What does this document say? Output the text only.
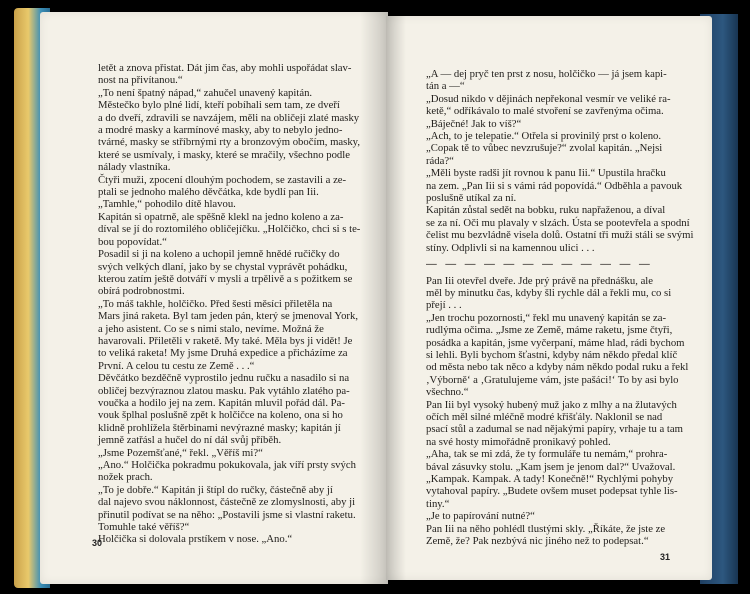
letět a znova přistat. Dát jim čas, aby mohli uspořádat slav-

nost na přivítanou.“

„To není špatný nápad,“ zahučel unavený kapitán.

Městečko bylo plné lidí, kteří pobíhali sem tam, ze dveří

a do dveří, zdravili se navzájem, měli na obličeji zlaté masky

a modré masky a karmínové masky, aby to nebylo jedno-

tvárné, masky se stříbrnými rty a bronzovým obočím, masky,

které se usmívaly, i masky, které se mračily, všechno podle

nálady vlastníka.

Čtyři muži, zpocení dlouhým pochodem, se zastavili a ze-

ptali se jednoho malého děvčátka, kde bydlí pan Iii.

„Tamhle,“ pohodilo dítě hlavou.

Kapitán si opatrně, ale spěšně klekl na jedno koleno a za-

díval se jí do roztomilého obličejíčku. „Holčičko, chci si s te-

bou popovídat.“

Posadil si ji na koleno a uchopil jemně hnědé ručičky do

svých velkých dlaní, jako by se chystal vyprávět pohádku,

kterou zatím ještě dotváří v mysli a trpělivě a s požitkem se

obírá podrobnostmi.

„To máš takhle, holčičko. Před šesti měsíci přiletěla na

Mars jiná raketa. Byl tam jeden pán, který se jmenoval York,

a jeho asistent. Co se s nimi stalo, nevíme. Možná že

havarovali. Přiletěli v raketě. My také. Měla bys ji vidět! Je

to veliká raketa! My jsme Druhá expedice a přicházíme za

První. A celou tu cestu ze Země . . .“

Děvčátko bezděčně vyprostilo jednu ručku a nasadilo si na

obličej bezvýraznou zlatou masku. Pak vytáhlo zlatého pa-

voučka a hodilo jej na zem. Kapitán mluvil pořád dál. Pa-

vouk šplhal poslušně zpět k holčičce na koleno, ona si ho

klidně prohlížela štěrbinami nevýrazné masky; kapitán jí

jemně zatřásl a hučel do ní dál svůj příběh.

„Jsme Pozemšťané,“ řekl. „Věříš mi?“

„Ano.“ Holčička pokradmu pokukovala, jak víří prsty svých

nožek prach.

„To je dobře.“ Kapitán ji štípl do ručky, částečně aby jí

dal najevo svou náklonnost, částečně ze zlomyslnosti, aby ji

přinutil podívat se na něho: „Postavili jsme si vlastní raketu.

Tomuhle také věříš?“

Holčička si dolovala prstíkem v nose. „Ano.“

30

„A — dej pryč ten prst z nosu, holčičko — já jsem kapi-

tán a —“

„Dosud nikdo v dějinách nepřekonal vesmír ve veliké ra-

ketě,“ odříkávalo to malé stvoření se zavřenýma očima.

„Báječné! Jak to víš?“

„Ach, to je telepatie.“ Otřela si provinilý prst o koleno.

„Copak tě to vůbec nevzrušuje?“ zvolal kapitán. „Nejsi

ráda?“

„Měli byste radši jít rovnou k panu Iii.“ Upustila hračku

na zem. „Pan Iii si s vámi rád popovídá.“ Odběhla a pavouk

poslušně utíkal za ní.

Kapitán zůstal sedět na bobku, ruku napřaženou, a díval

se za ní. Oči mu plavaly v slzách. Ústa se pootevřela a spodní

čelist mu bezvládně visela dolů. Ostatní tři muži stáli se svými

stíny. Odplivli si na kamennou ulici . . .

— — — — — — — — — — — —

Pan Iii otevřel dveře. Jde prý právě na přednášku, ale

měl by minutku čas, kdyby šli rychle dál a řekli mu, co si

přejí . . .

„Jen trochu pozornosti,“ řekl mu unavený kapitán se za-

rudlýma očima. „Jsme ze Země, máme raketu, jsme čtyři,

posádka a kapitán, jsme vyčerpaní, máme hlad, rádi bychom

si lehli. Byli bychom šťastni, kdyby nám někdo předal klíč

od města nebo tak něco a kdyby nám někdo podal ruku a řekl

‚Výborně‘ a ‚Gratulujeme vám, jste pašáci!‘ To by asi bylo

všechno.“

Pan Iii byl vysoký hubený muž jako z mlhy a na žlutavých

očích měl silné mléčně modré křišťály. Naklonil se nad

psací stůl a zadumal se nad nějakými papíry, vrhaje tu a tam

na své hosty mimořádně pronikavý pohled.

„Aha, tak se mi zdá, že ty formuláře tu nemám,“ prohra-

bával zásuvky stolu. „Kam jsem je jenom dal?“ Uvažoval.

„Kampak. Kampak. A tady! Konečně!“ Rychlými pohyby

vytahoval papíry. „Budete ovšem muset podepsat tyhle lis-

tiny.“

„Je to papírování nutné?“

Pan Iii na něho pohlédl tlustými skly. „Říkáte, že jste ze

Země, že? Pak nezbývá nic jiného než to podepsat.“

31
